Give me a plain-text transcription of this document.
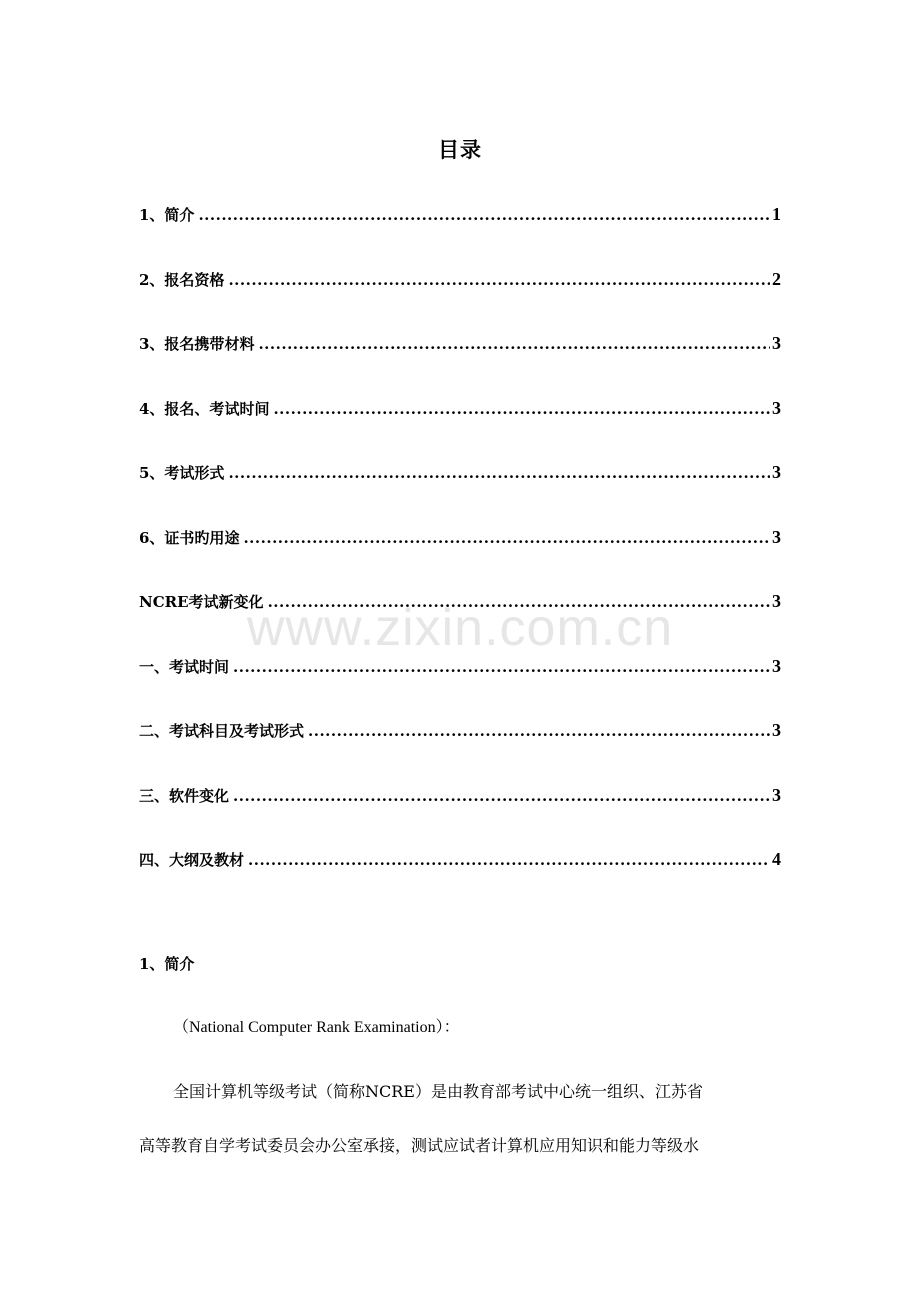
目录
1、简介 .....	1
2、报名资格 .....	2
3、报名携带材料 .....	3
4、报名、考试时间 .....	3
5、考试形式 .....	3
6、证书旳用途 .....	3
NCRE考试新变化 .....	3
一、考试时间 .....	3
二、考试科目及考试形式 .....	3
三、软件变化 .....	3
四、大纲及教材 .....	4
www.zixin.com.cn
1、简介

（National Computer Rank Examination）：

全国计算机等级考试（简称NCRE）是由教育部考试中心统一组织、江苏省

高等教育自学考试委员会办公室承接，测试应试者计算机应用知识和能力等级水
